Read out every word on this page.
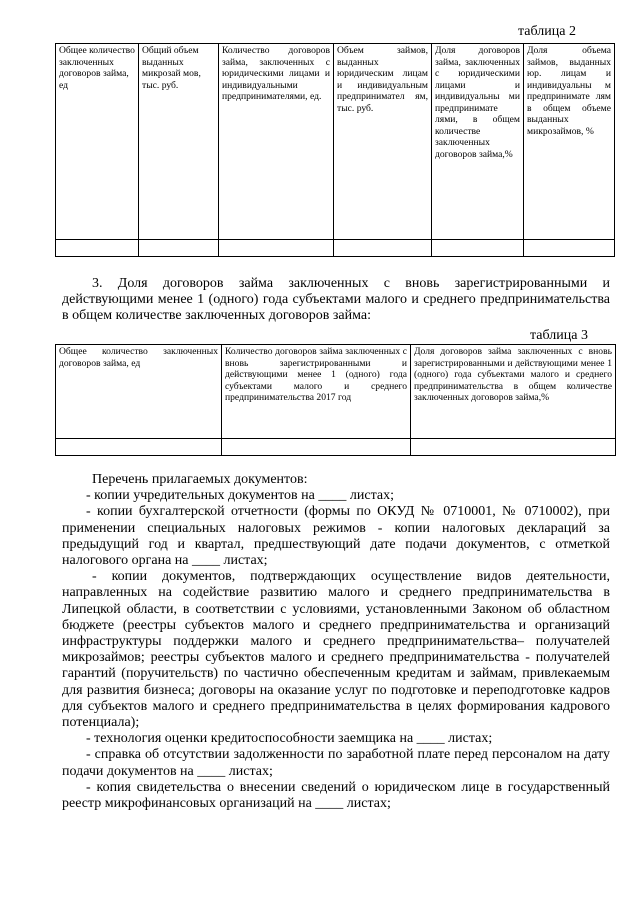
таблица 2
Общее количество заключенных договоров займа, ед	Общий объем выданных микрозай мов, тыс. руб.	Количество договоров займа, заключенных с юридическими лицами и индивидуальными предпринимателями, ед.	Объем займов, выданных юридическим лицам и индивидуальным предпринимател ям, тыс. руб.	Доля договоров займа, заключенных с юридическими лицами и индивидуальны ми предпринимате лями, в общем количестве заключенных договоров займа,%	Доля объема займов, выданных юр. лицам и индивидуальны м предпринимате лям в общем объеме выданных микрозаймов, %

3. Доля договоров займа заключенных с вновь зарегистрированными и действующими менее 1 (одного) года субъектами малого и среднего предпринимательства в общем количестве заключенных договоров займа:

таблица 3
Общее количество заключенных договоров займа, ед	Количество договоров займа заключенных с вновь зарегистрированными и действующими менее 1 (одного) года субъектами малого и среднего предпринимательства 2017 год	Доля договоров займа заключенных с вновь зарегистрированными и действующими менее 1 (одного) года субъектами малого и среднего предпринимательства в общем количестве заключенных договоров займа,%

Перечень прилагаемых документов:

- копии учредительных документов на ____ листах;

- копии бухгалтерской отчетности (формы по ОКУД № 0710001, № 0710002), при применении специальных налоговых режимов - копии налоговых деклараций за предыдущий год и квартал, предшествующий дате подачи документов, с отметкой налогового органа на ____ листах;

- копии документов, подтверждающих осуществление видов деятельности, направленных на содействие развитию малого и среднего предпринимательства в Липецкой области, в соответствии с условиями, установленными Законом об областном бюджете (реестры субъектов малого и среднего предпринимательства и организаций инфраструктуры поддержки малого и среднего предпринимательства– получателей микрозаймов; реестры субъектов малого и среднего предпринимательства - получателей гарантий (поручительств) по частично обеспеченным кредитам и займам, привлекаемым для развития бизнеса; договоры на оказание услуг по подготовке и переподготовке кадров для субъектов малого и среднего предпринимательства в целях формирования кадрового потенциала);

- технология оценки кредитоспособности заемщика на ____ листах;

- справка об отсутствии задолженности по заработной плате перед персоналом на дату подачи документов на ____ листах;

- копия свидетельства о внесении сведений о юридическом лице в государственный реестр микрофинансовых организаций на ____ листах;
